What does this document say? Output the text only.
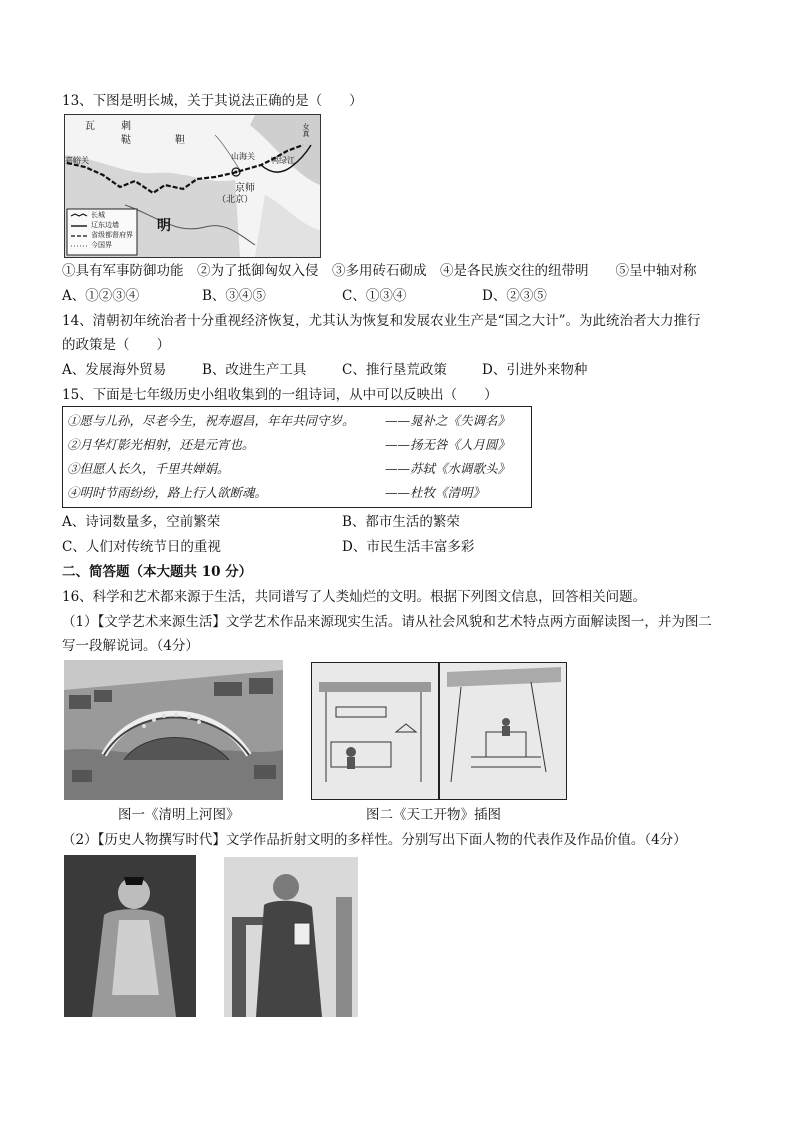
13、下图是明长城，关于其说法正确的是（　　）
瓦	刺
鞑	靼
嘉峪关	山海关 鸭绿江
京师
（北京）
明
女真
长城
辽东边墙
省级都督府界
今国界
①具有军事防御功能　②为了抵御匈奴入侵　③多用砖石砌成　④是各民族交往的纽带明　　⑤呈中轴对称
A、①②③④	B、③④⑤	C、①③④	D、②③⑤
14、清朝初年统治者十分重视经济恢复，尤其认为恢复和发展农业生产是“国之大计”。为此统治者大力推行
的政策是（　　）
A、发展海外贸易	B、改进生产工具	C、推行垦荒政策	D、引进外来物种
15、下面是七年级历史小组收集到的一组诗词，从中可以反映出（　　）
①愿与儿孙，尽老今生，祝寿遐昌，年年共同守岁。 ——晁补之《失调名》
②月华灯影光相射，还是元宵也。	——扬无咎《人月圆》
③但愿人长久，千里共婵娟。	——苏轼《水调歌头》
④明时节雨纷纷，路上行人欲断魂。	——杜牧《清明》
A、诗词数量多，空前繁荣	B、都市生活的繁荣
C、人们对传统节日的重视	D、市民生活丰富多彩
二、简答题（本大题共 10 分）
16、科学和艺术都来源于生活，共同谱写了人类灿烂的文明。根据下列图文信息，回答相关问题。
（1）【文学艺术来源生活】文学艺术作品来源现实生活。请从社会风貌和艺术特点两方面解读图一，并为图二
写一段解说词。（4分）
图一《清明上河图》	图二《天工开物》插图
（2）【历史人物撰写时代】文学作品折射文明的多样性。分别写出下面人物的代表作及作品价值。（4分）
